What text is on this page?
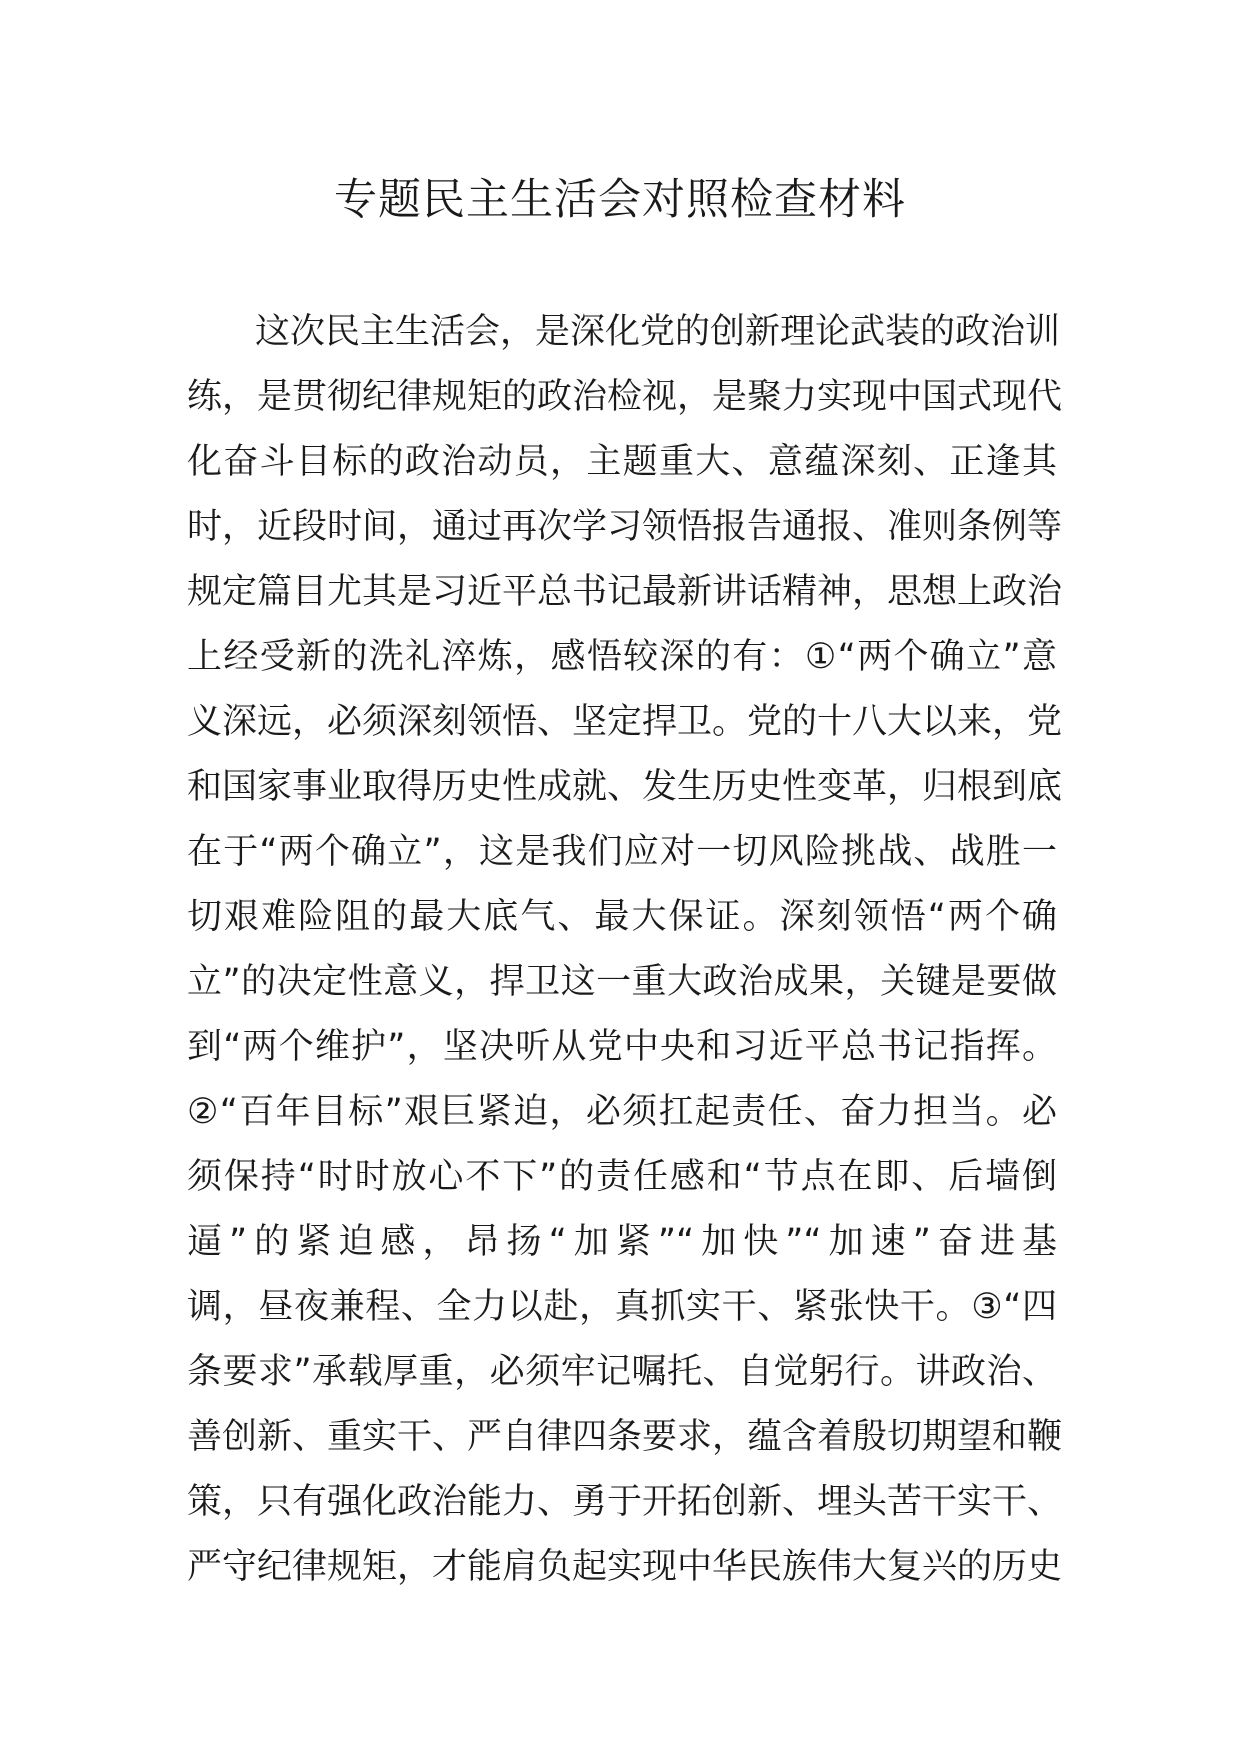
专题民主生活会对照检查材料
这次民主生活会，是深化党的创新理论武装的政治训
练，是贯彻纪律规矩的政治检视，是聚力实现中国式现代
化奋斗目标的政治动员，主题重大、意蕴深刻、正逢其
时，近段时间，通过再次学习领悟报告通报、准则条例等
规定篇目尤其是习近平总书记最新讲话精神，思想上政治
上经受新的洗礼淬炼，感悟较深的有：①“两个确立”意
义深远，必须深刻领悟、坚定捍卫。党的十八大以来，党
和国家事业取得历史性成就、发生历史性变革，归根到底
在于“两个确立”，这是我们应对一切风险挑战、战胜一
切艰难险阻的最大底气、最大保证。深刻领悟“两个确
立”的决定性意义，捍卫这一重大政治成果，关键是要做
到“两个维护”，坚决听从党中央和习近平总书记指挥。
②“百年目标”艰巨紧迫，必须扛起责任、奋力担当。必
须保持“时时放心不下”的责任感和“节点在即、后墙倒
逼”的紧迫感，昂扬“加紧”“加快”“加速”奋进基
调，昼夜兼程、全力以赴，真抓实干、紧张快干。③“四
条要求”承载厚重，必须牢记嘱托、自觉躬行。讲政治、
善创新、重实干、严自律四条要求，蕴含着殷切期望和鞭
策，只有强化政治能力、勇于开拓创新、埋头苦干实干、
严守纪律规矩，才能肩负起实现中华民族伟大复兴的历史
